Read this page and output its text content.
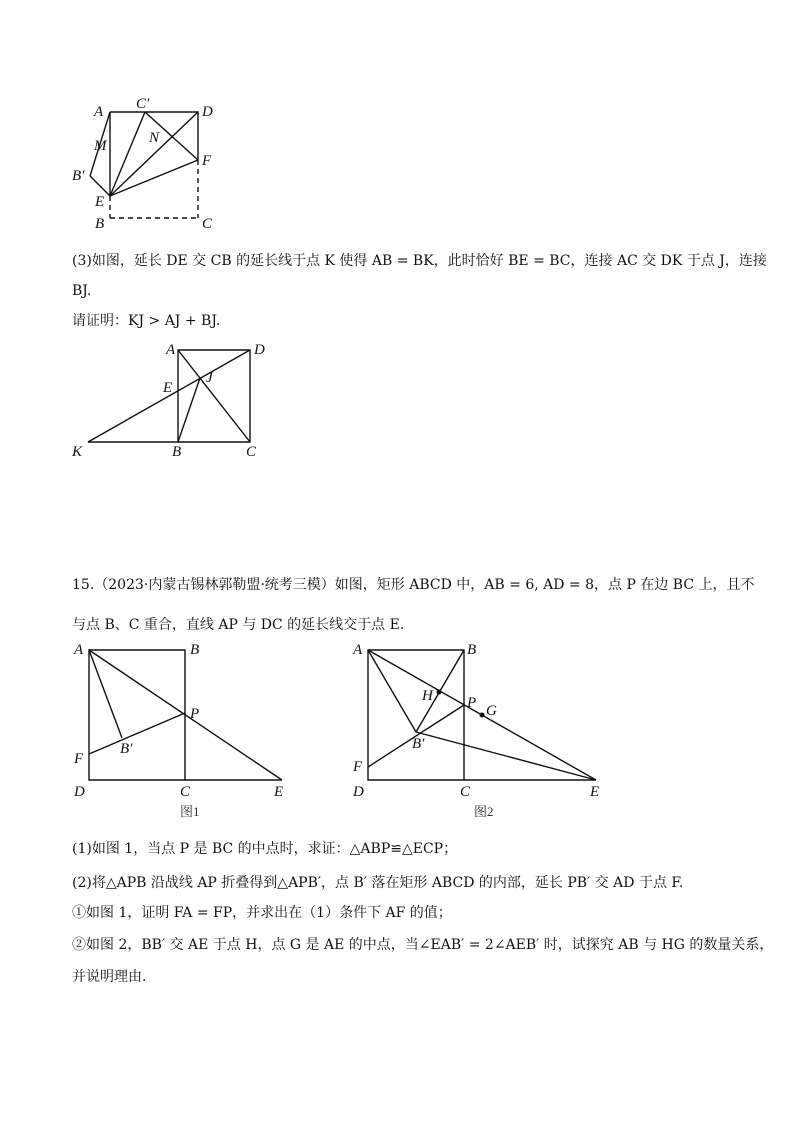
A C′	D
M	N
B′
F
E
B	C
(3)如图，延长 DE 交 CB 的延长线于点 K 使得 AB = BK，此时恰好 BE = BC，连接 AC 交 DK 于点 J，连接
BJ.
请证明：KJ > AJ + BJ.
A	D
E
J
K	B	C
15.（2023·内蒙古锡林郭勒盟·统考三模）如图，矩形 ABCD 中，AB = 6, AD = 8，点 P 在边 BC 上，且不
与点 B、C 重合，直线 AP 与 DC 的延长线交于点 E.
A	B
P
F
B′
D	C	E
图1
A	B
H P G
B′
F
D	C	E
图2
(1)如图 1，当点 P 是 BC 的中点时，求证：△ABP≌△ECP；
(2)将△APB 沿战线 AP 折叠得到△APB′，点 B′ 落在矩形 ABCD 的内部，延长 PB′ 交 AD 于点 F.
①如图 1，证明 FA = FP，并求出在（1）条件下 AF 的值；
②如图 2，BB′ 交 AE 于点 H，点 G 是 AE 的中点，当∠EAB′ = 2∠AEB′ 时，试探究 AB 与 HG 的数量关系，
并说明理由.
